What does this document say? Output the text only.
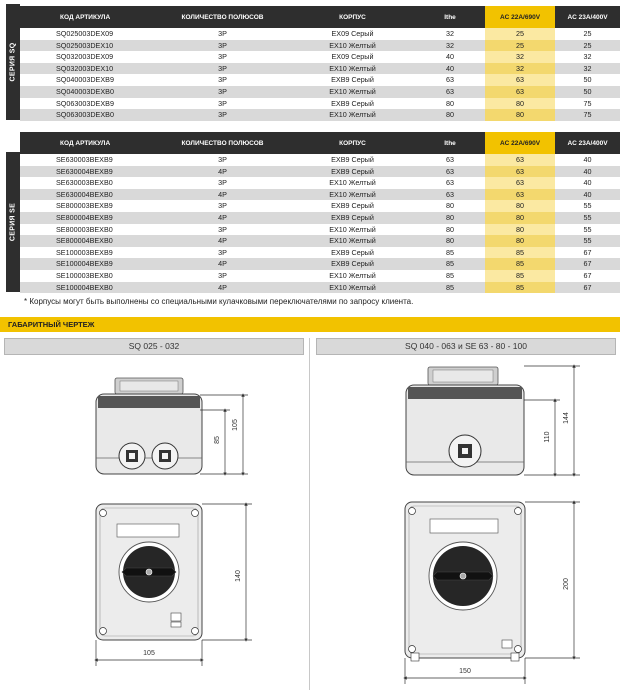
СЕРИЯ SQ
КОД АРТИКУЛА	КОЛИЧЕСТВО ПОЛЮСОВ	КОРПУС	Ithe	AC 22A/690V	AC 23A/400V
SQ025003DEX09	3P	EX09 Серый	32	25	25
SQ025003DEX10	3P	EX10 Желтый	32	25	25
SQ032003DEX09	3P	EX09 Серый	40	32	32
SQ032003DEX10	3P	EX10 Желтый	40	32	32
SQ040003DEXB9	3P	EXB9 Серый	63	63	50
SQ040003DEXB0	3P	EX10 Желтый	63	63	50
SQ063003DEXB9	3P	EXB9 Серый	80	80	75
SQ063003DEXB0	3P	EX10 Желтый	80	80	75
СЕРИЯ SE
КОД АРТИКУЛА	КОЛИЧЕСТВО ПОЛЮСОВ	КОРПУС	Ithe	AC 22A/690V	AC 23A/400V
SE630003BEXB9	3P	EXB9 Серый	63	63	40
SE630004BEXB9	4P	EXB9 Серый	63	63	40
SE630003BEXB0	3P	EX10 Желтый	63	63	40
SE630004BEXB0	4P	EX10 Желтый	63	63	40
SE800003BEXB9	3P	EXB9 Серый	80	80	55
SE800004BEXB9	4P	EXB9 Серый	80	80	55
SE800003BEXB0	3P	EX10 Желтый	80	80	55
SE800004BEXB0	4P	EX10 Желтый	80	80	55
SE100003BEXB9	3P	EXB9 Серый	85	85	67
SE100004BEXB9	4P	EXB9 Серый	85	85	67
SE100003BEXB0	3P	EX10 Желтый	85	85	67
SE100004BEXB0	4P	EX10 Желтый	85	85	67
* Корпусы могут быть выполнены со специальными кулачковыми переключателями по запросу клиента.
ГАБАРИТНЫЙ ЧЕРТЕЖ
SQ 025 - 032	SQ 040 - 063 и SE 63 - 80 - 100
85
105
140
105
110
144
200
150
